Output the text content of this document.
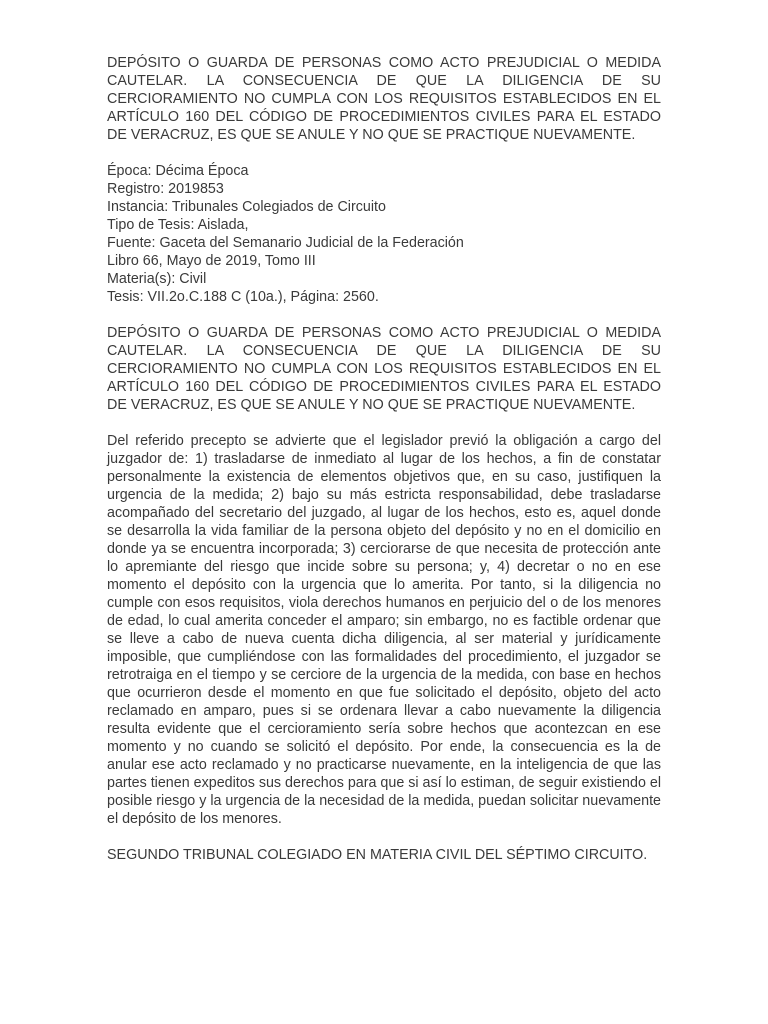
DEPÓSITO O GUARDA DE PERSONAS COMO ACTO PREJUDICIAL O MEDIDA CAUTELAR. LA CONSECUENCIA DE QUE LA DILIGENCIA DE SU CERCIORAMIENTO NO CUMPLA CON LOS REQUISITOS ESTABLECIDOS EN EL ARTÍCULO 160 DEL CÓDIGO DE PROCEDIMIENTOS CIVILES PARA EL ESTADO DE VERACRUZ, ES QUE SE ANULE Y NO QUE SE PRACTIQUE NUEVAMENTE.

Época: Décima Época
Registro: 2019853
Instancia: Tribunales Colegiados de Circuito
Tipo de Tesis: Aislada,
Fuente: Gaceta del Semanario Judicial de la Federación
Libro 66, Mayo de 2019, Tomo III
Materia(s): Civil
Tesis: VII.2o.C.188 C (10a.), Página: 2560.

DEPÓSITO O GUARDA DE PERSONAS COMO ACTO PREJUDICIAL O MEDIDA CAUTELAR. LA CONSECUENCIA DE QUE LA DILIGENCIA DE SU CERCIORAMIENTO NO CUMPLA CON LOS REQUISITOS ESTABLECIDOS EN EL ARTÍCULO 160 DEL CÓDIGO DE PROCEDIMIENTOS CIVILES PARA EL ESTADO DE VERACRUZ, ES QUE SE ANULE Y NO QUE SE PRACTIQUE NUEVAMENTE.

Del referido precepto se advierte que el legislador previó la obligación a cargo del juzgador de: 1) trasladarse de inmediato al lugar de los hechos, a fin de constatar personalmente la existencia de elementos objetivos que, en su caso, justifiquen la urgencia de la medida; 2) bajo su más estricta responsabilidad, debe trasladarse acompañado del secretario del juzgado, al lugar de los hechos, esto es, aquel donde se desarrolla la vida familiar de la persona objeto del depósito y no en el domicilio en donde ya se encuentra incorporada; 3) cerciorarse de que necesita de protección ante lo apremiante del riesgo que incide sobre su persona; y, 4) decretar o no en ese momento el depósito con la urgencia que lo amerita. Por tanto, si la diligencia no cumple con esos requisitos, viola derechos humanos en perjuicio del o de los menores de edad, lo cual amerita conceder el amparo; sin embargo, no es factible ordenar que se lleve a cabo de nueva cuenta dicha diligencia, al ser material y jurídicamente imposible, que cumpliéndose con las formalidades del procedimiento, el juzgador se retrotraiga en el tiempo y se cerciore de la urgencia de la medida, con base en hechos que ocurrieron desde el momento en que fue solicitado el depósito, objeto del acto reclamado en amparo, pues si se ordenara llevar a cabo nuevamente la diligencia resulta evidente que el cercioramiento sería sobre hechos que acontezcan en ese momento y no cuando se solicitó el depósito. Por ende, la consecuencia es la de anular ese acto reclamado y no practicarse nuevamente, en la inteligencia de que las partes tienen expeditos sus derechos para que si así lo estiman, de seguir existiendo el posible riesgo y la urgencia de la necesidad de la medida, puedan solicitar nuevamente el depósito de los menores.

SEGUNDO TRIBUNAL COLEGIADO EN MATERIA CIVIL DEL SÉPTIMO CIRCUITO.
